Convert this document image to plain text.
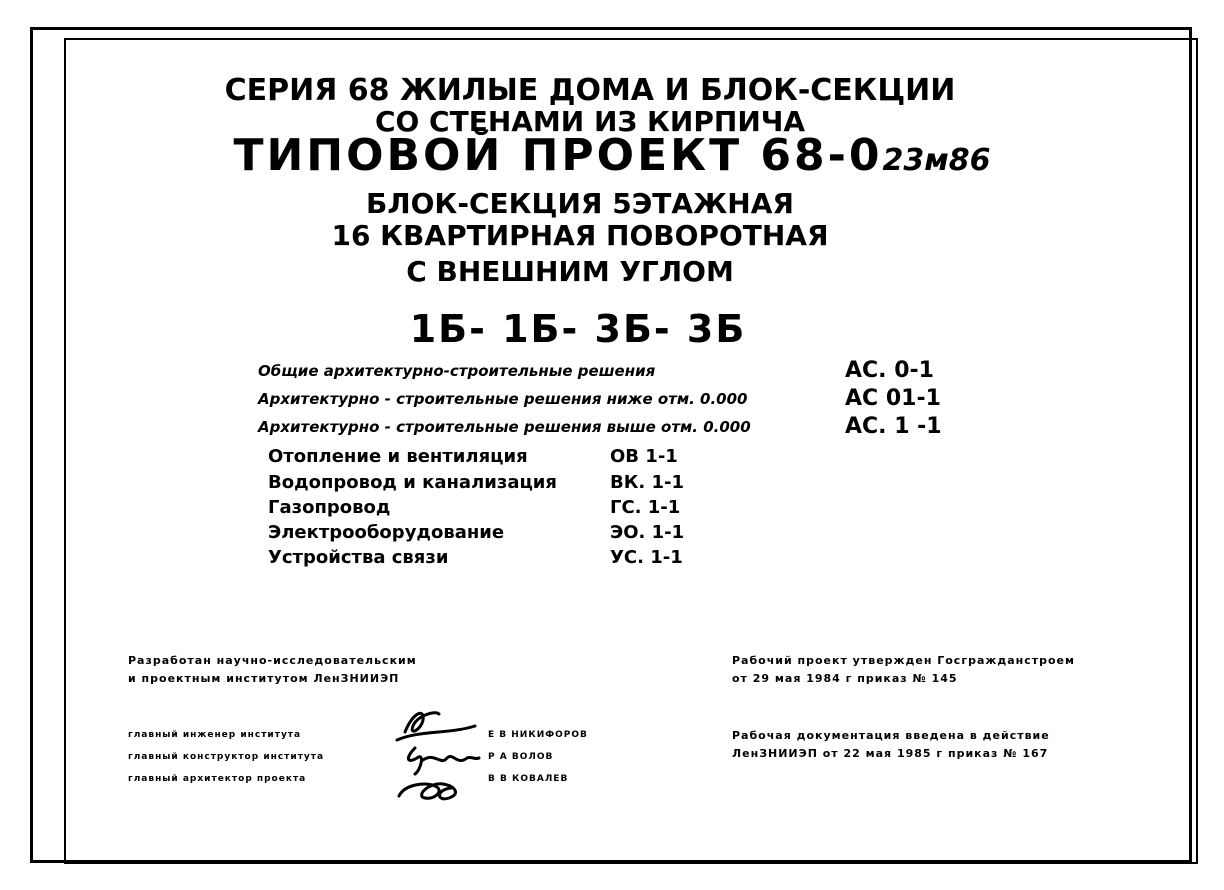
СЕРИЯ 68 ЖИЛЫЕ ДОМА И БЛОК-СЕКЦИИ
СО СТЕНАМИ ИЗ КИРПИЧА
ТИПОВОЙ ПРОЕКТ 68-023м86
БЛОК-СЕКЦИЯ 5ЭТАЖНАЯ
16 КВАРТИРНАЯ ПОВОРОТНАЯ
С ВНЕШНИМ УГЛОМ
1Б- 1Б- 3Б- 3Б
Общие архитектурно-строительные решения	АС. 0-1
Архитектурно - строительные решения ниже отм. 0.000	АС 01-1
Архитектурно - строительные решения выше отм. 0.000	АС. 1 -1
Отопление и вентиляция	ОВ 1-1
Водопровод и канализация	ВК. 1-1
Газопровод	ГС. 1-1
Электрооборудование	ЭО. 1-1
Устройства связи	УС. 1-1
Разработан научно-исследовательским
и проектным институтом ЛенЗНИИЭП
Рабочий проект утвержден Госгражданстроем
от 29 мая 1984 г приказ № 145
Рабочая документация введена в действие
ЛенЗНИИЭП от 22 мая 1985 г приказ № 167
главный инженер института	Е В НИКИФОРОВ
главный конструктор института	Р А ВОЛОВ
главный архитектор проекта	В В КОВАЛЕВ
